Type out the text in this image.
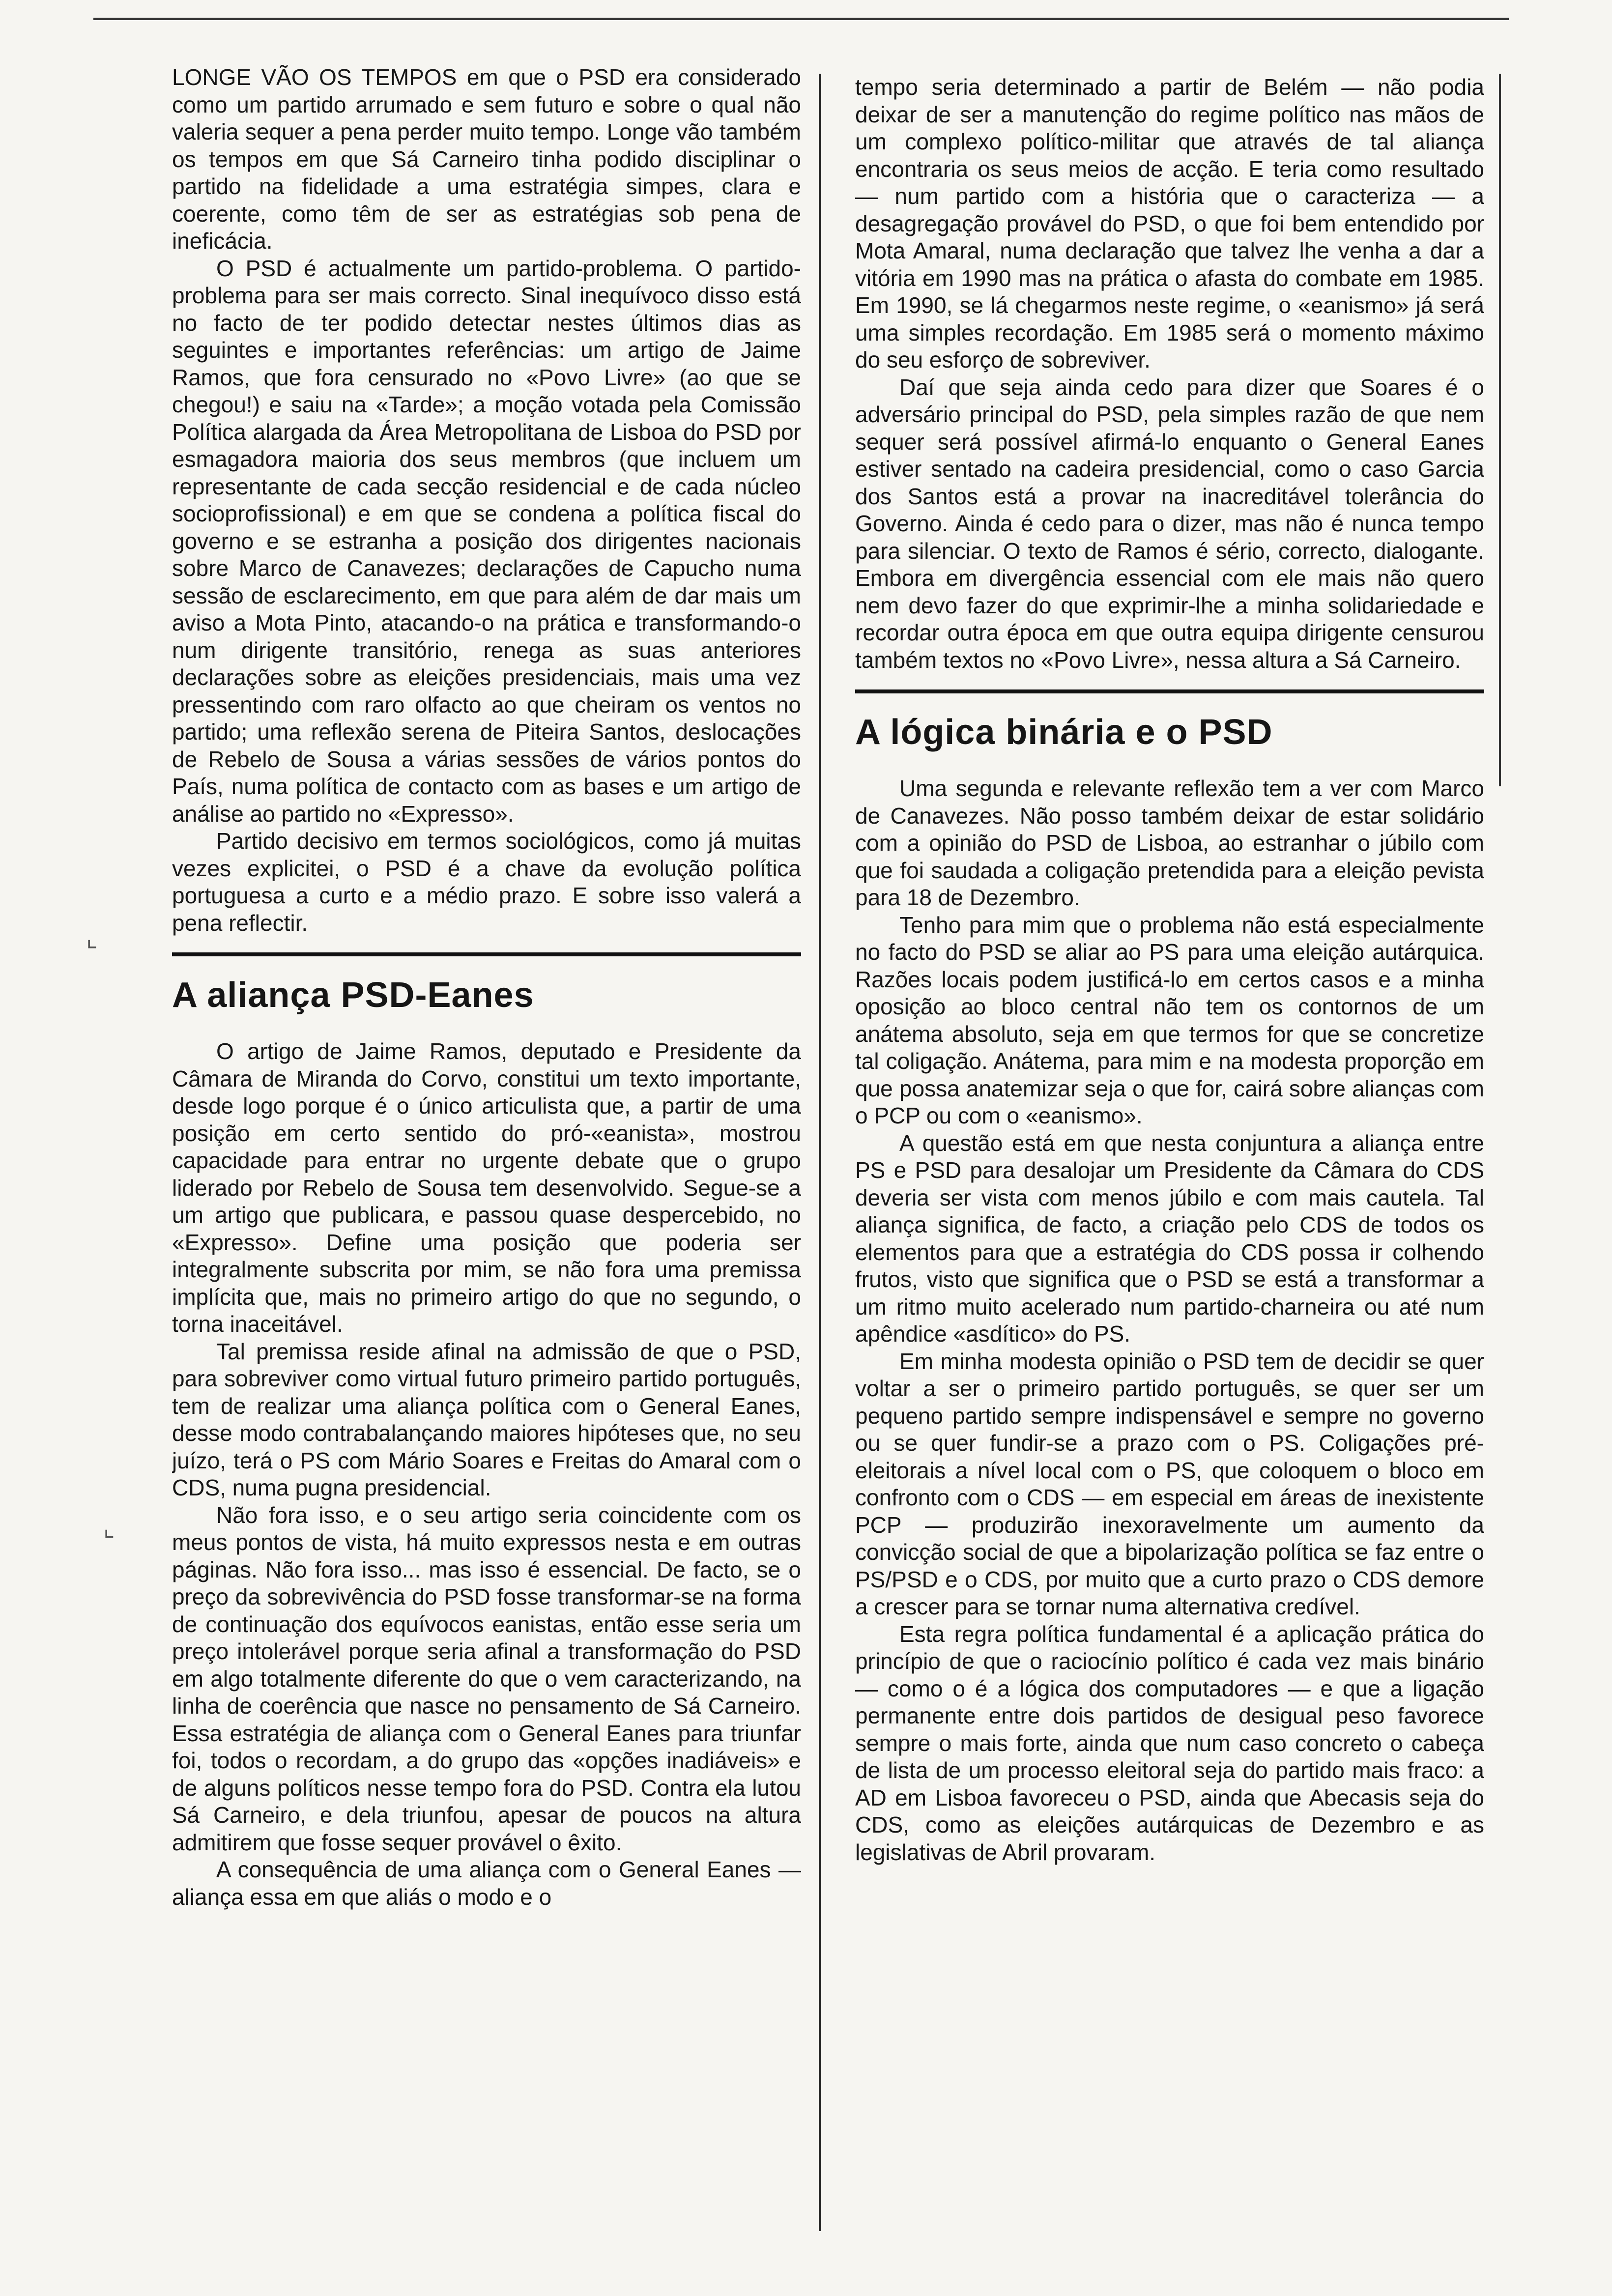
LONGE VÃO OS TEMPOS em que o PSD era considerado como um partido arrumado e sem futuro e sobre o qual não valeria sequer a pena perder muito tempo. Longe vão também os tempos em que Sá Carneiro tinha podido disciplinar o partido na fidelidade a uma estratégia simpes, clara e coerente, como têm de ser as estratégias sob pena de ineficácia.

O PSD é actualmente um partido-problema. O partido-problema para ser mais correcto. Sinal inequívoco disso está no facto de ter podido detectar nestes últimos dias as seguintes e importantes referências: um artigo de Jaime Ramos, que fora censurado no «Povo Livre» (ao que se chegou!) e saiu na «Tarde»; a moção votada pela Comissão Política alargada da Área Metropolitana de Lisboa do PSD por esmagadora maioria dos seus membros (que incluem um representante de cada secção residencial e de cada núcleo socioprofissional) e em que se condena a política fiscal do governo e se estranha a posição dos dirigentes nacionais sobre Marco de Canavezes; declarações de Capucho numa sessão de esclarecimento, em que para além de dar mais um aviso a Mota Pinto, atacando-o na prática e transformando-o num dirigente transitório, renega as suas anteriores declarações sobre as eleições presidenciais, mais uma vez pressentindo com raro olfacto ao que cheiram os ventos no partido; uma reflexão serena de Piteira Santos, deslocações de Rebelo de Sousa a várias sessões de vários pontos do País, numa política de contacto com as bases e um artigo de análise ao partido no «Expresso».

Partido decisivo em termos sociológicos, como já muitas vezes explicitei, o PSD é a chave da evolução política portuguesa a curto e a médio prazo. E sobre isso valerá a pena reflectir.

A aliança PSD-Eanes

O artigo de Jaime Ramos, deputado e Presidente da Câmara de Miranda do Corvo, constitui um texto importante, desde logo porque é o único articulista que, a partir de uma posição em certo sentido do pró-«eanista», mostrou capacidade para entrar no urgente debate que o grupo liderado por Rebelo de Sousa tem desenvolvido. Segue-se a um artigo que publicara, e passou quase despercebido, no «Expresso». Define uma posição que poderia ser integralmente subscrita por mim, se não fora uma premissa implícita que, mais no primeiro artigo do que no segundo, o torna inaceitável.

Tal premissa reside afinal na admissão de que o PSD, para sobreviver como virtual futuro primeiro partido português, tem de realizar uma aliança política com o General Eanes, desse modo contrabalançando maiores hipóteses que, no seu juízo, terá o PS com Mário Soares e Freitas do Amaral com o CDS, numa pugna presidencial.

Não fora isso, e o seu artigo seria coincidente com os meus pontos de vista, há muito expressos nesta e em outras páginas. Não fora isso... mas isso é essencial. De facto, se o preço da sobrevivência do PSD fosse transformar-se na forma de continuação dos equívocos eanistas, então esse seria um preço intolerável porque seria afinal a transformação do PSD em algo totalmente diferente do que o vem caracterizando, na linha de coerência que nasce no pensamento de Sá Carneiro. Essa estratégia de aliança com o General Eanes para triunfar foi, todos o recordam, a do grupo das «opções inadiáveis» e de alguns políticos nesse tempo fora do PSD. Contra ela lutou Sá Carneiro, e dela triunfou, apesar de poucos na altura admitirem que fosse sequer provável o êxito.

A consequência de uma aliança com o General Eanes — aliança essa em que aliás o modo e o

tempo seria determinado a partir de Belém — não podia deixar de ser a manutenção do regime político nas mãos de um complexo político-militar que através de tal aliança encontraria os seus meios de acção. E teria como resultado — num partido com a história que o caracteriza — a desagregação provável do PSD, o que foi bem entendido por Mota Amaral, numa declaração que talvez lhe venha a dar a vitória em 1990 mas na prática o afasta do combate em 1985. Em 1990, se lá chegarmos neste regime, o «eanismo» já será uma simples recordação. Em 1985 será o momento máximo do seu esforço de sobreviver.

Daí que seja ainda cedo para dizer que Soares é o adversário principal do PSD, pela simples razão de que nem sequer será possível afirmá-lo enquanto o General Eanes estiver sentado na cadeira presidencial, como o caso Garcia dos Santos está a provar na inacreditável tolerância do Governo. Ainda é cedo para o dizer, mas não é nunca tempo para silenciar. O texto de Ramos é sério, correcto, dialogante. Embora em divergência essencial com ele mais não quero nem devo fazer do que exprimir-lhe a minha solidariedade e recordar outra época em que outra equipa dirigente censurou também textos no «Povo Livre», nessa altura a Sá Carneiro.

A lógica binária e o PSD

Uma segunda e relevante reflexão tem a ver com Marco de Canavezes. Não posso também deixar de estar solidário com a opinião do PSD de Lisboa, ao estranhar o júbilo com que foi saudada a coligação pretendida para a eleição pevista para 18 de Dezembro.

Tenho para mim que o problema não está especialmente no facto do PSD se aliar ao PS para uma eleição autárquica. Razões locais podem justificá-lo em certos casos e a minha oposição ao bloco central não tem os contornos de um anátema absoluto, seja em que termos for que se concretize tal coligação. Anátema, para mim e na modesta proporção em que possa anatemizar seja o que for, cairá sobre alianças com o PCP ou com o «eanismo».

A questão está em que nesta conjuntura a aliança entre PS e PSD para desalojar um Presidente da Câmara do CDS deveria ser vista com menos júbilo e com mais cautela. Tal aliança significa, de facto, a criação pelo CDS de todos os elementos para que a estratégia do CDS possa ir colhendo frutos, visto que significa que o PSD se está a transformar a um ritmo muito acelerado num partido-charneira ou até num apêndice «asdítico» do PS.

Em minha modesta opinião o PSD tem de decidir se quer voltar a ser o primeiro partido português, se quer ser um pequeno partido sempre indispensável e sempre no governo ou se quer fundir-se a prazo com o PS. Coligações pré-eleitorais a nível local com o PS, que coloquem o bloco em confronto com o CDS — em especial em áreas de inexistente PCP — produzirão inexoravelmente um aumento da convicção social de que a bipolarização política se faz entre o PS/PSD e o CDS, por muito que a curto prazo o CDS demore a crescer para se tornar numa alternativa credível.

Esta regra política fundamental é a aplicação prática do princípio de que o raciocínio político é cada vez mais binário — como o é a lógica dos computadores — e que a ligação permanente entre dois partidos de desigual peso favorece sempre o mais forte, ainda que num caso concreto o cabeça de lista de um processo eleitoral seja do partido mais fraco: a AD em Lisboa favoreceu o PSD, ainda que Abecasis seja do CDS, como as eleições autárquicas de Dezembro e as legislativas de Abril provaram.

⌞
⌞
